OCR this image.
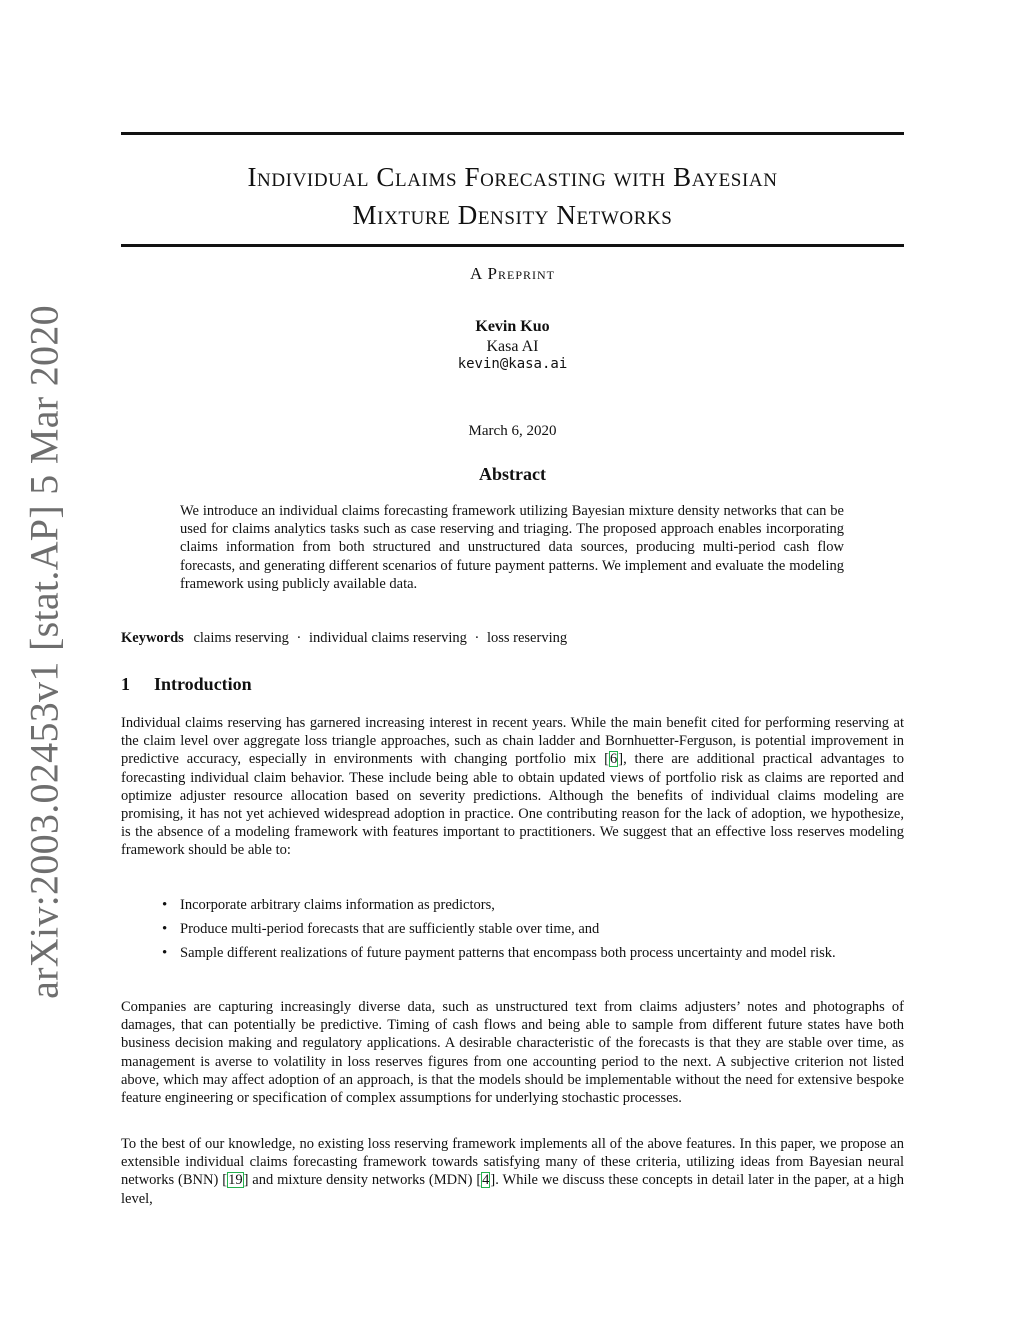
arXiv:2003.02453v1 [stat.AP] 5 Mar 2020
Individual Claims Forecasting with Bayesian
Mixture Density Networks
A Preprint
Kevin Kuo
Kasa AI
kevin@kasa.ai
March 6, 2020
Abstract
We introduce an individual claims forecasting framework utilizing Bayesian mixture density networks that can be used for claims analytics tasks such as case reserving and triaging. The proposed approach enables incorporating claims information from both structured and unstructured data sources, producing multi-period cash flow forecasts, and generating different scenarios of future payment patterns. We implement and evaluate the modeling framework using publicly available data.
Keywords claims reserving · individual claims reserving · loss reserving
1 Introduction
Individual claims reserving has garnered increasing interest in recent years. While the main benefit cited for performing reserving at the claim level over aggregate loss triangle approaches, such as chain ladder and Bornhuetter-Ferguson, is potential improvement in predictive accuracy, especially in environments with changing portfolio mix [6], there are additional practical advantages to forecasting individual claim behavior. These include being able to obtain updated views of portfolio risk as claims are reported and optimize adjuster resource allocation based on severity predictions. Although the benefits of individual claims modeling are promising, it has not yet achieved widespread adoption in practice. One contributing reason for the lack of adoption, we hypothesize, is the absence of a modeling framework with features important to practitioners. We suggest that an effective loss reserves modeling framework should be able to:
• Incorporate arbitrary claims information as predictors,
• Produce multi-period forecasts that are sufficiently stable over time, and
• Sample different realizations of future payment patterns that encompass both process uncertainty and model risk.
Companies are capturing increasingly diverse data, such as unstructured text from claims adjusters’ notes and photographs of damages, that can potentially be predictive. Timing of cash flows and being able to sample from different future states have both business decision making and regulatory applications. A desirable characteristic of the forecasts is that they are stable over time, as management is averse to volatility in loss reserves figures from one accounting period to the next. A subjective criterion not listed above, which may affect adoption of an approach, is that the models should be implementable without the need for extensive bespoke feature engineering or specification of complex assumptions for underlying stochastic processes.
To the best of our knowledge, no existing loss reserving framework implements all of the above features. In this paper, we propose an extensible individual claims forecasting framework towards satisfying many of these criteria, utilizing ideas from Bayesian neural networks (BNN) [19] and mixture density networks (MDN) [4]. While we discuss these concepts in detail later in the paper, at a high level,
